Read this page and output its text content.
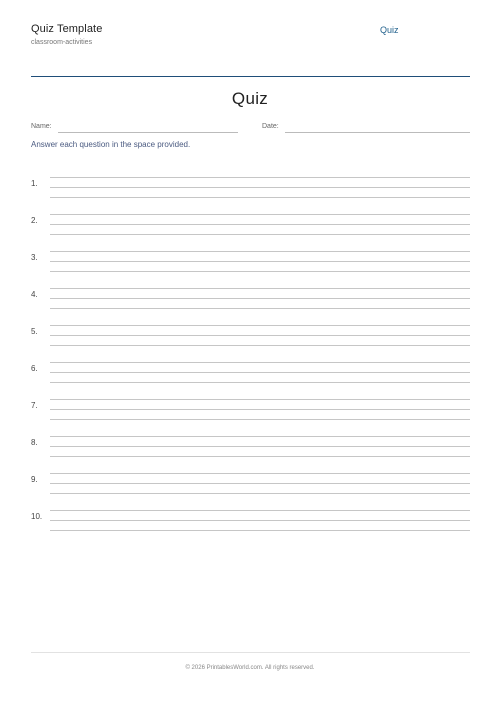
Quiz Template
classroom-activities
Quiz
Quiz
Name:	Date:
Answer each question in the space provided.
1.
2.
3.
4.
5.
6.
7.
8.
9.
10.
© 2026 PrintablesWorld.com. All rights reserved.
